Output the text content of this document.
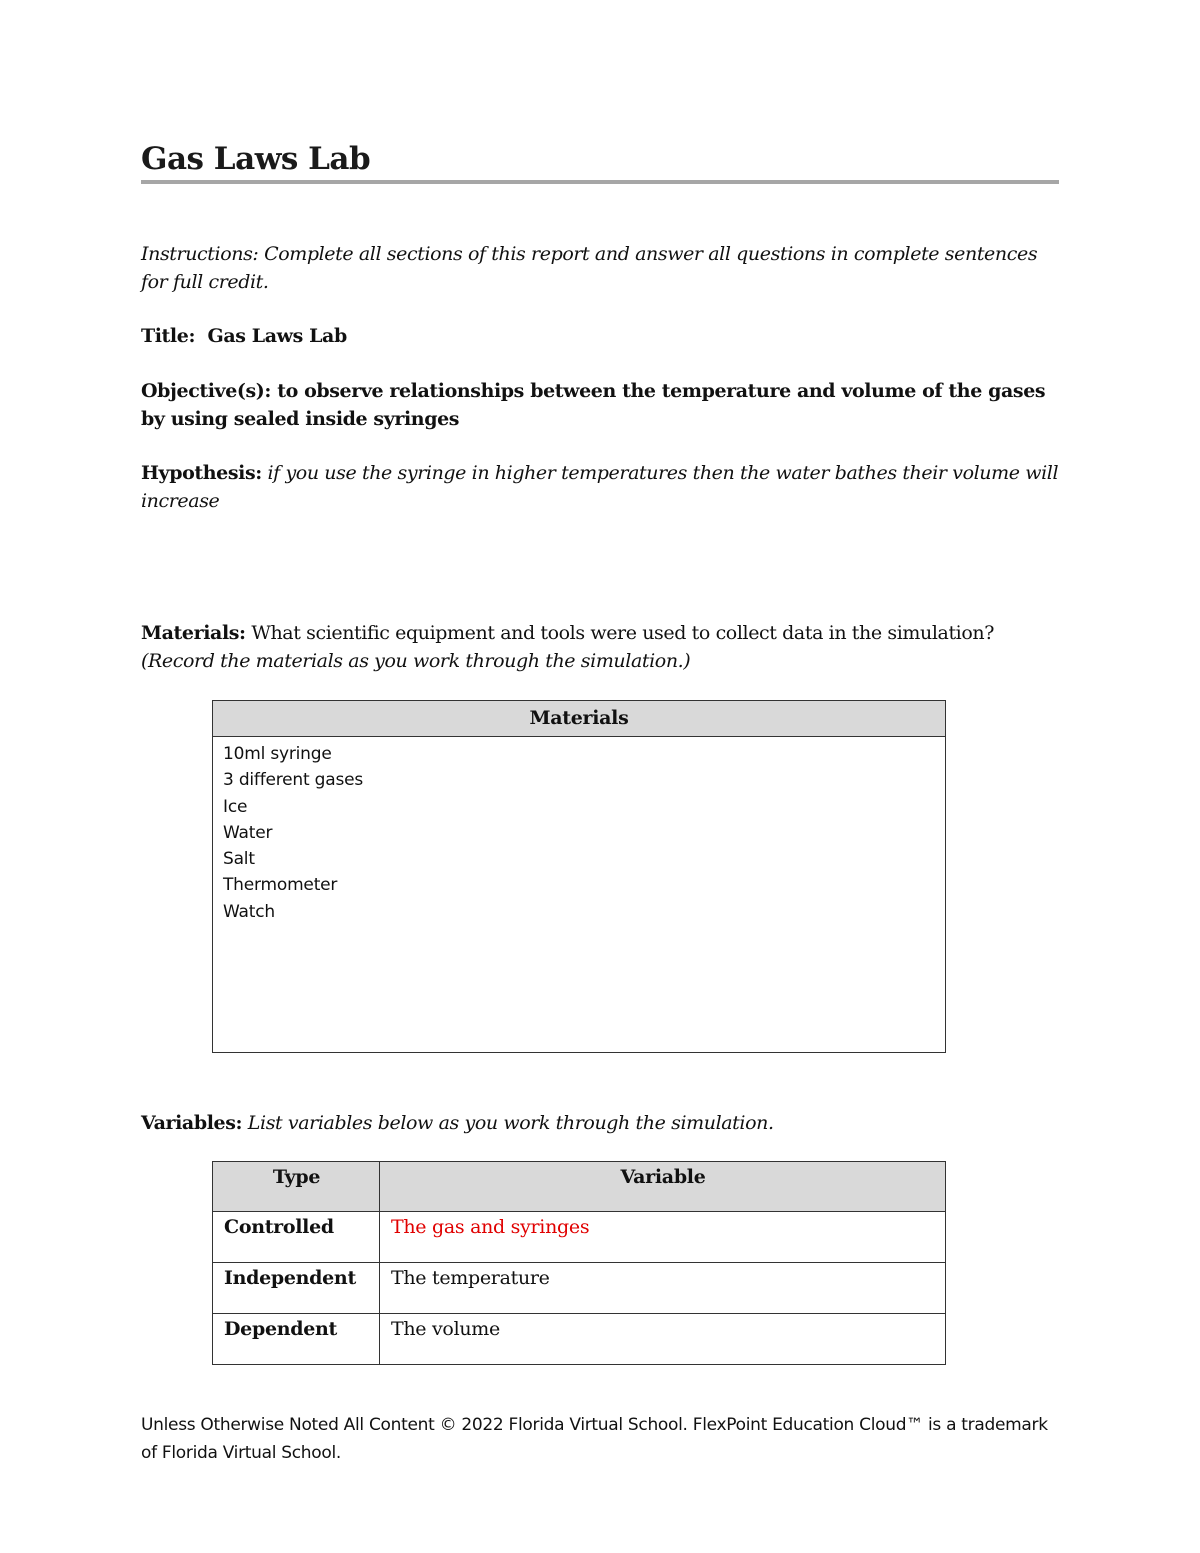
Gas Laws Lab
Instructions: Complete all sections of this report and answer all questions in complete sentences for full credit.
Title: Gas Laws Lab
Objective(s): to observe relationships between the temperature and volume of the gases by using sealed inside syringes
Hypothesis: if you use the syringe in higher temperatures then the water bathes their volume will increase
Materials: What scientific equipment and tools were used to collect data in the simulation?
(Record the materials as you work through the simulation.)
Materials
10ml syringe
3 different gases
Ice
Water
Salt
Thermometer
Watch
Variables: List variables below as you work through the simulation.
Type	Variable
Controlled	The gas and syringes
Independent	The temperature
Dependent	The volume
Unless Otherwise Noted All Content © 2022 Florida Virtual School. FlexPoint Education Cloud™ is a trademark of Florida Virtual School.
